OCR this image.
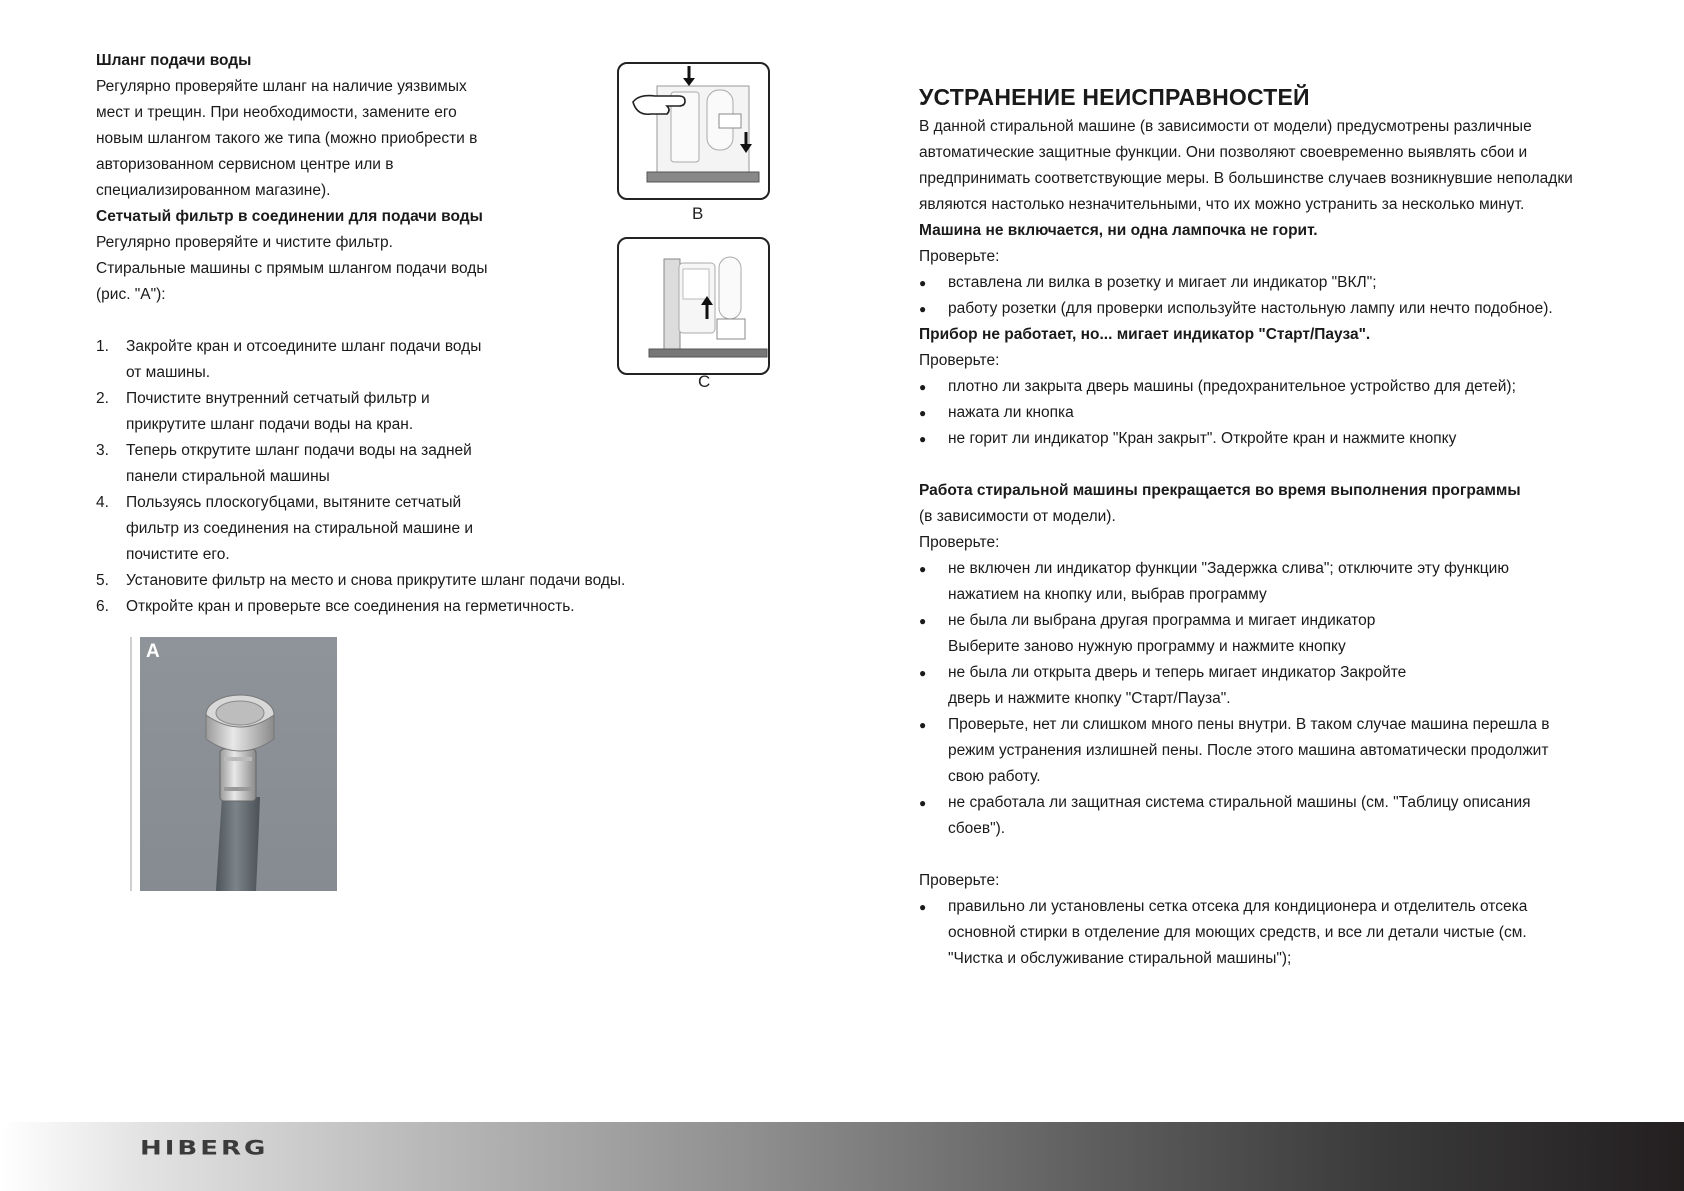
Шланг подачи воды

Регулярно проверяйте шланг на наличие уязвимых

мест и трещин. При необходимости, замените его

новым шлангом такого же типа (можно приобрести в

авторизованном сервисном центре или в

специализированном магазине).

Сетчатый фильтр в соединении для подачи воды

Регулярно проверяйте и чистите фильтр.

Стиральные машины с прямым шлангом подачи воды

(рис. "A"):

1. Закройте кран и отсоедините шланг подачи воды

от машины.

2. Почистите внутренний сетчатый фильтр и

прикрутите шланг подачи воды на кран.

3. Теперь открутите шланг подачи воды на задней

панели стиральной машины

4. Пользуясь плоскогубцами, вытяните сетчатый

фильтр из соединения на стиральной машине и

почистите его.

5. Установите фильтр на место и снова прикрутите шланг подачи воды.

6. Откройте кран и проверьте все соединения на герметичность.

B
C
A

УСТРАНЕНИЕ НЕИСПРАВНОСТЕЙ

В данной стиральной машине (в зависимости от модели) предусмотрены различные

автоматические защитные функции. Они позволяют своевременно выявлять сбои и

предпринимать соответствующие меры. В большинстве случаев возникнувшие неполадки

являются настолько незначительными, что их можно устранить за несколько минут.

Машина не включается, ни одна лампочка не горит.

Проверьте:

● вставлена ли вилка в розетку и мигает ли индикатор "ВКЛ";

● работу розетки (для проверки используйте настольную лампу или нечто подобное).

Прибор не работает, но... мигает индикатор "Старт/Пауза".

Проверьте:

● плотно ли закрыта дверь машины (предохранительное устройство для детей);

● нажата ли кнопка

● не горит ли индикатор "Кран закрыт". Откройте кран и нажмите кнопку

Работа стиральной машины прекращается во время выполнения программы

(в зависимости от модели).

Проверьте:

● не включен ли индикатор функции "Задержка слива"; отключите эту функцию

нажатием на кнопку или, выбрав программу

● не была ли выбрана другая программа и мигает индикатор

Выберите заново нужную программу и нажмите кнопку

● не была ли открыта дверь и теперь мигает индикатор Закройте

дверь и нажмите кнопку "Старт/Пауза".

● Проверьте, нет ли слишком много пены внутри. В таком случае машина перешла в

режим устранения излишней пены. После этого машина автоматически продолжит

свою работу.

● не сработала ли защитная система стиральной машины (см. "Таблицу описания

сбоев").

Проверьте:

● правильно ли установлены сетка отсека для кондиционера и отделитель отсека

основной стирки в отделение для моющих средств, и все ли детали чистые (см.

"Чистка и обслуживание стиральной машины");

HIBERG
